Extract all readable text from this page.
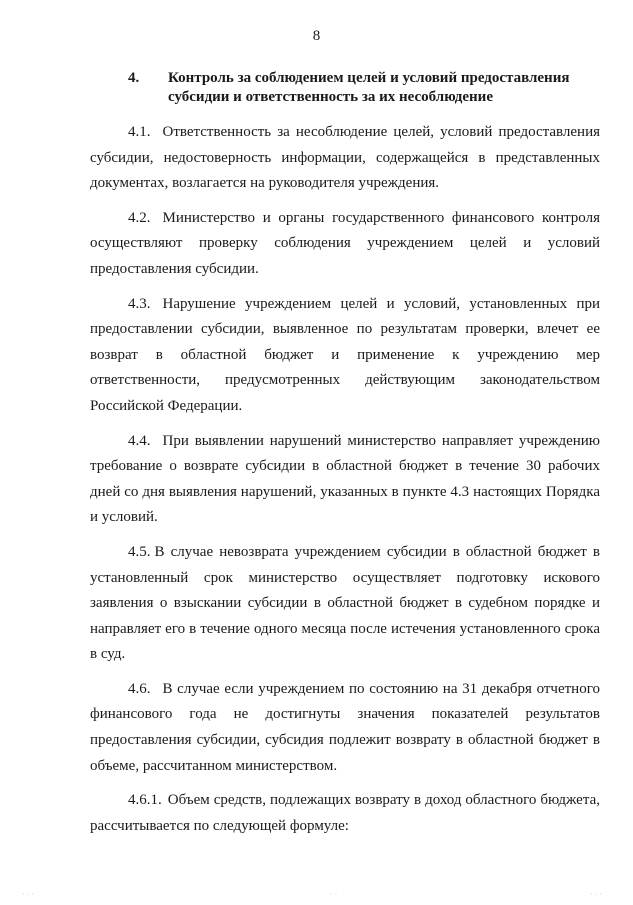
8
4. Контроль за соблюдением целей и условий предоставления субсидии и ответственность за их несоблюдение

4.1. Ответственность за несоблюдение целей, условий предоставления субсидии, недостоверность информации, содержащейся в представленных документах, возлагается на руководителя учреждения.

4.2. Министерство и органы государственного финансового контроля осуществляют проверку соблюдения учреждением целей и условий предоставления субсидии.

4.3. Нарушение учреждением целей и условий, установленных при предоставлении субсидии, выявленное по результатам проверки, влечет ее возврат в областной бюджет и применение к учреждению мер ответственности, предусмотренных действующим законодательством Российской Федерации.

4.4. При выявлении нарушений министерство направляет учреждению требование о возврате субсидии в областной бюджет в течение 30 рабочих дней со дня выявления нарушений, указанных в пункте 4.3 настоящих Порядка и условий.

4.5. В случае невозврата учреждением субсидии в областной бюджет в установленный срок министерство осуществляет подготовку искового заявления о взыскании субсидии в областной бюджет в судебном порядке и направляет его в течение одного месяца после истечения установленного срока в суд.

4.6. В случае если учреждением по состоянию на 31 декабря отчетного финансового года не достигнуты значения показателей результатов предоставления субсидии, субсидия подлежит возврату в областной бюджет в объеме, рассчитанном министерством.

4.6.1. Объем средств, подлежащих возврату в доход областного бюджета, рассчитывается по следующей формуле:

· · ·	· ·	· · ·
